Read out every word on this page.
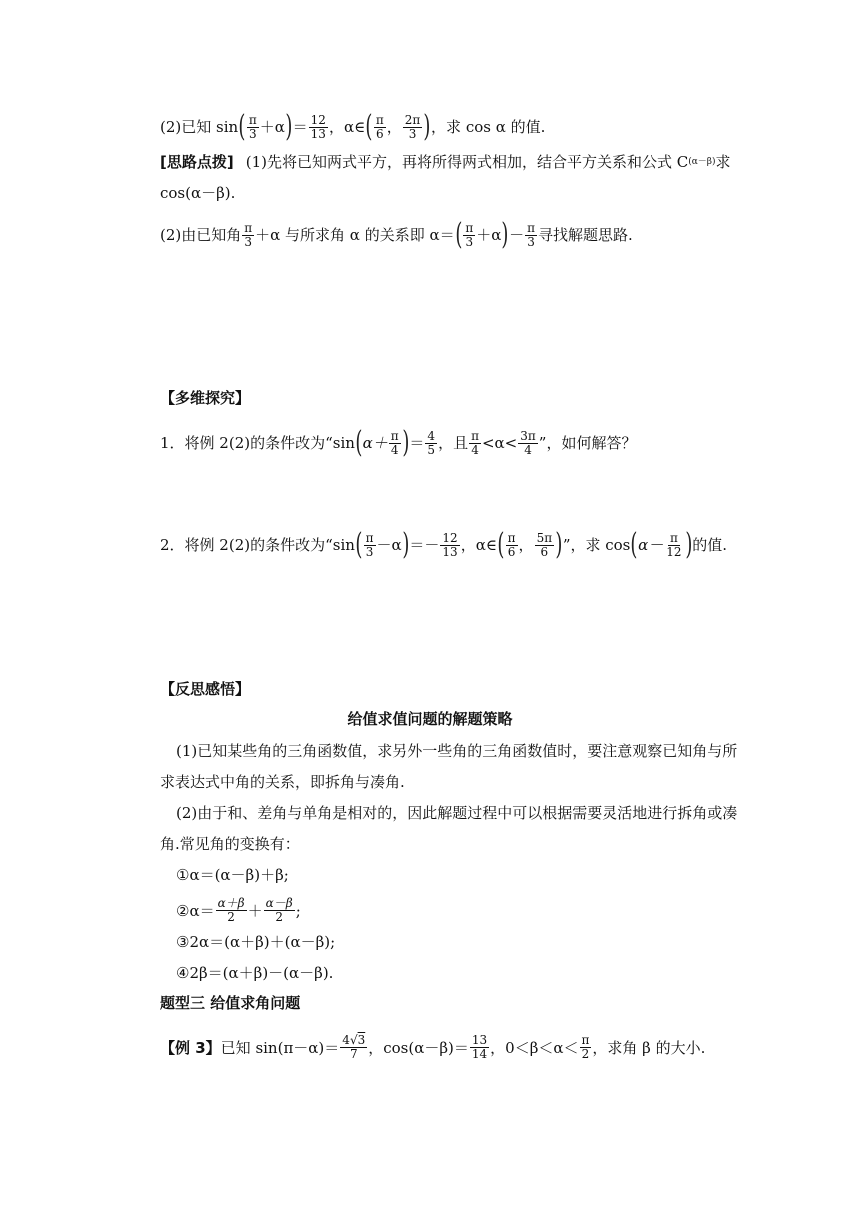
(2)已知 sin ( $\frac{\pi}{3} +\alpha$ ) ＝ $\frac{12}{13}$ ，α∈ ( $\frac{\pi}{6}$ ， $\frac{2\pi}{3}$ ) ，求 cos α 的值.
[思路点拨] (1)先将已知两式平方，再将所得两式相加，结合平方关系和公式 C (α－β) 求
cos(α－β).
(2)由已知角 $\frac{\pi}{3} +\alpha$ 与所求角 α 的关系即 α＝ ( $\frac{\pi}{3} +\alpha$ ) － $\frac{\pi}{3}$ 寻找解题思路.
【多维探究】
1．将例 2(2)的条件改为“sin ( $\alpha+ \frac{\pi}{4}$ ) ＝ $\frac{4}{5}$ ，且 $\frac{\pi}{4} <\alpha< \frac{3\pi}{4}$ ”，如何解答？
2．将例 2(2)的条件改为“sin ( $\frac{\pi}{3} -\alpha$ ) ＝－ $\frac{12}{13}$ ，α∈ ( $\frac{\pi}{6}$ ， $\frac{5\pi}{6}$ ) ”，求 cos ( $\alpha- \frac{\pi}{12}$ ) 的值.
【反思感悟】
给值求值问题的解题策略
(1)已知某些角的三角函数值，求另外一些角的三角函数值时，要注意观察已知角与所
求表达式中角的关系，即拆角与凑角.
(2)由于和、差角与单角是相对的，因此解题过程中可以根据需要灵活地进行拆角或凑
角.常见角的变换有：
①α＝(α－β)＋β;
②α＝ $\frac{\alpha+\beta}{2} + \frac{\alpha-\beta}{2}$ ;
③2α＝(α＋β)＋(α－β);
④2β＝(α＋β)－(α－β).
题型三 给值求角问题
【例 3】 已知 $\sin(\pi-\alpha)= \frac{4√3}{7}$ ，$\cos(\alpha-\beta)= \frac{13}{14}$ ，$0<\beta<\alpha< \frac{\pi}{2}$ ，求角 β 的大小.
